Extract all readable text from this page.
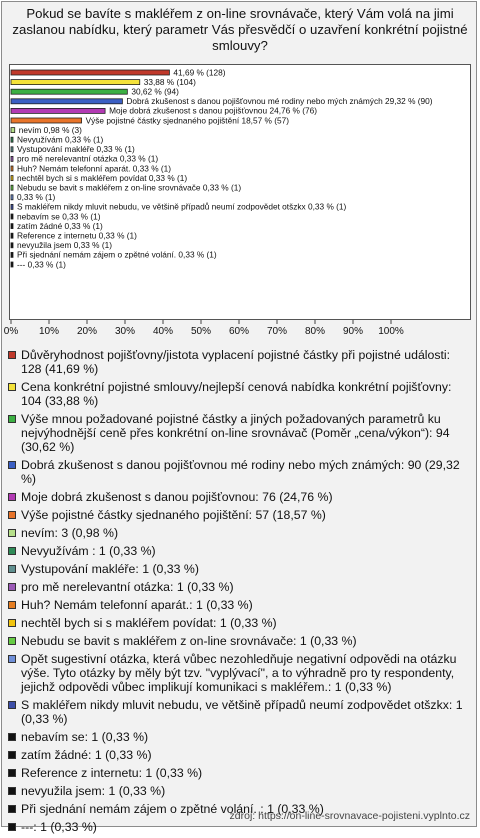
Pokud se bavíte s makléřem z on-line srovnávače, který Vám volá na jimi zaslanou nabídku, který parametr Vás přesvědčí o uzavření konkrétní pojistné smlouvy?
41,69 % (128)
33,88 % (104)
30,62 % (94)
Dobrá zkušenost s danou pojišťovnou mé rodiny nebo mých známých 29,32 % (90)
Moje dobrá zkušenost s danou pojišťovnou 24,76 % (76)
Výše pojistné částky sjednaného pojištění 18,57 % (57)
nevím 0,98 % (3)
Nevyužívám 0,33 % (1)
Vystupování makléře 0,33 % (1)
pro mě nerelevantní otázka 0,33 % (1)
Huh? Nemám telefonní aparát. 0,33 % (1)
nechtěl bych si s makléřem povídat 0,33 % (1)
Nebudu se bavit s makléřem z on-line srovnávače 0,33 % (1)
0,33 % (1)
S makléřem nikdy mluvit nebudu, ve většině případů neumí zodpovědet otšzkx 0,33 % (1)
nebavím se 0,33 % (1)
zatím žádné 0,33 % (1)
Reference z internetu 0,33 % (1)
nevyužila jsem 0,33 % (1)
Při sjednání nemám zájem o zpětné volání. 0,33 % (1)
--- 0,33 % (1)
0% 10% 20% 30% 40% 50% 60% 70% 80% 90% 100%
Důvěryhodnost pojišťovny/jistota vyplacení pojistné částky při pojistné události: 128 (41,69 %)
Cena konkrétní pojistné smlouvy/nejlepší cenová nabídka konkrétní pojišťovny: 104 (33,88 %)
Výše mnou požadované pojistné částky a jiných požadovaných parametrů ku nejvýhodnější ceně přes konkrétní on-line srovnávač (Poměr „cena/výkon“): 94 (30,62 %)
Dobrá zkušenost s danou pojišťovnou mé rodiny nebo mých známých: 90 (29,32 %)
Moje dobrá zkušenost s danou pojišťovnou: 76 (24,76 %)
Výše pojistné částky sjednaného pojištění: 57 (18,57 %)
nevím: 3 (0,98 %)
Nevyužívám : 1 (0,33 %)
Vystupování makléře: 1 (0,33 %)
pro mě nerelevantní otázka: 1 (0,33 %)
Huh? Nemám telefonní aparát.: 1 (0,33 %)
nechtěl bych si s makléřem povídat: 1 (0,33 %)
Nebudu se bavit s makléřem z on-line srovnávače: 1 (0,33 %)
Opět sugestivní otázka, která vůbec nezohledňuje negativní odpovědi na otázku výše. Tyto otázky by měly být tzv. "vyplývací", a to výhradně pro ty respondenty, jejichž odpovědi vůbec implikují komunikaci s makléřem.: 1 (0,33 %)
S makléřem nikdy mluvit nebudu, ve většině případů neumí zodpovědet otšzkx: 1 (0,33 %)
nebavím se: 1 (0,33 %)
zatím žádné: 1 (0,33 %)
Reference z internetu: 1 (0,33 %)
nevyužila jsem: 1 (0,33 %)
Při sjednání nemám zájem o zpětné volání. : 1 (0,33 %)
---: 1 (0,33 %)
zdroj: https://on-line-srovnavace-pojisteni.vyplnto.cz
